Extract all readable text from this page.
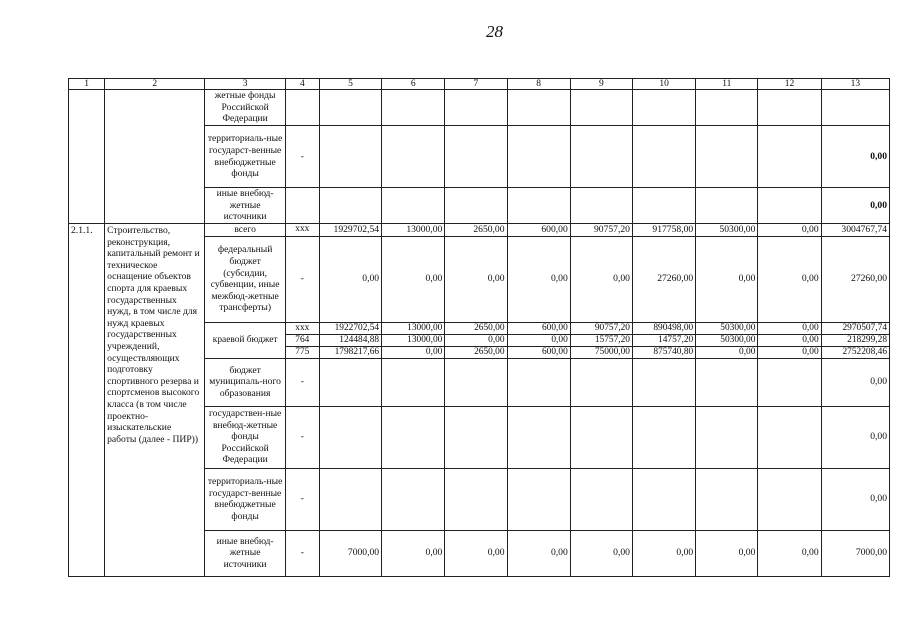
28
1	2	3	4	5	6	7	8	9	10	11	12	13
		жетные фонды Российской Федерации										
		территориаль-ные государст-венные внебюджетные фонды	-									0,00
		иные внебюд-жетные источники										0,00
2.1.1.	Строительство, реконструкция, капитальный ремонт и техническое оснащение объектов спорта для краевых государственных нужд, в том числе для нужд краевых государственных учреждений, осуществляющих подготовку спортивного резерва и спортсменов высокого класса (в том числе проектно-изыскательские работы (далее - ПИР))	всего	xxx	1929702,54	13000,00	2650,00	600,00	90757,20	917758,00	50300,00	0,00	3004767,74
		федеральный бюджет (субсидии, субвенции, иные межбюд-жетные трансферты)	-	0,00	0,00	0,00	0,00	0,00	27260,00	0,00	0,00	27260,00
		краевой бюджет	xxx	1922702,54	13000,00	2650,00	600,00	90757,20	890498,00	50300,00	0,00	2970507,74
			764	124484,88	13000,00	0,00	0,00	15757,20	14757,20	50300,00	0,00	218299,28
			775	1798217,66	0,00	2650,00	600,00	75000,00	875740,80	0,00	0,00	2752208,46
		бюджет муниципаль-ного образования	-									0,00
		государствен-ные внебюд-жетные фонды Российской Федерации	-									0,00
		территориаль-ные государст-венные внебюджетные фонды	-									0,00
		иные внебюд-жетные источники	-	7000,00	0,00	0,00	0,00	0,00	0,00	0,00	0,00	7000,00
